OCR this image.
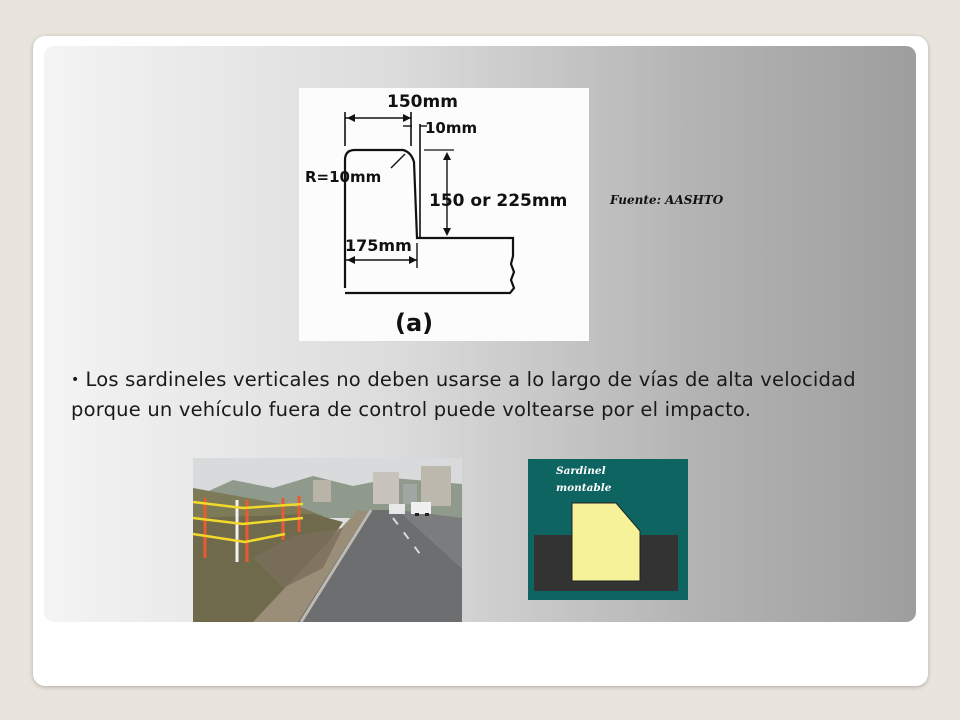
150mm
10mm
R=10mm
150 or 225mm
175mm
(a)
Fuente: AASHTO
• Los sardineles verticales no deben usarse a lo largo de vías de alta velocidad porque un vehículo fuera de control puede voltearse por el impacto.
Sardinel
montable
